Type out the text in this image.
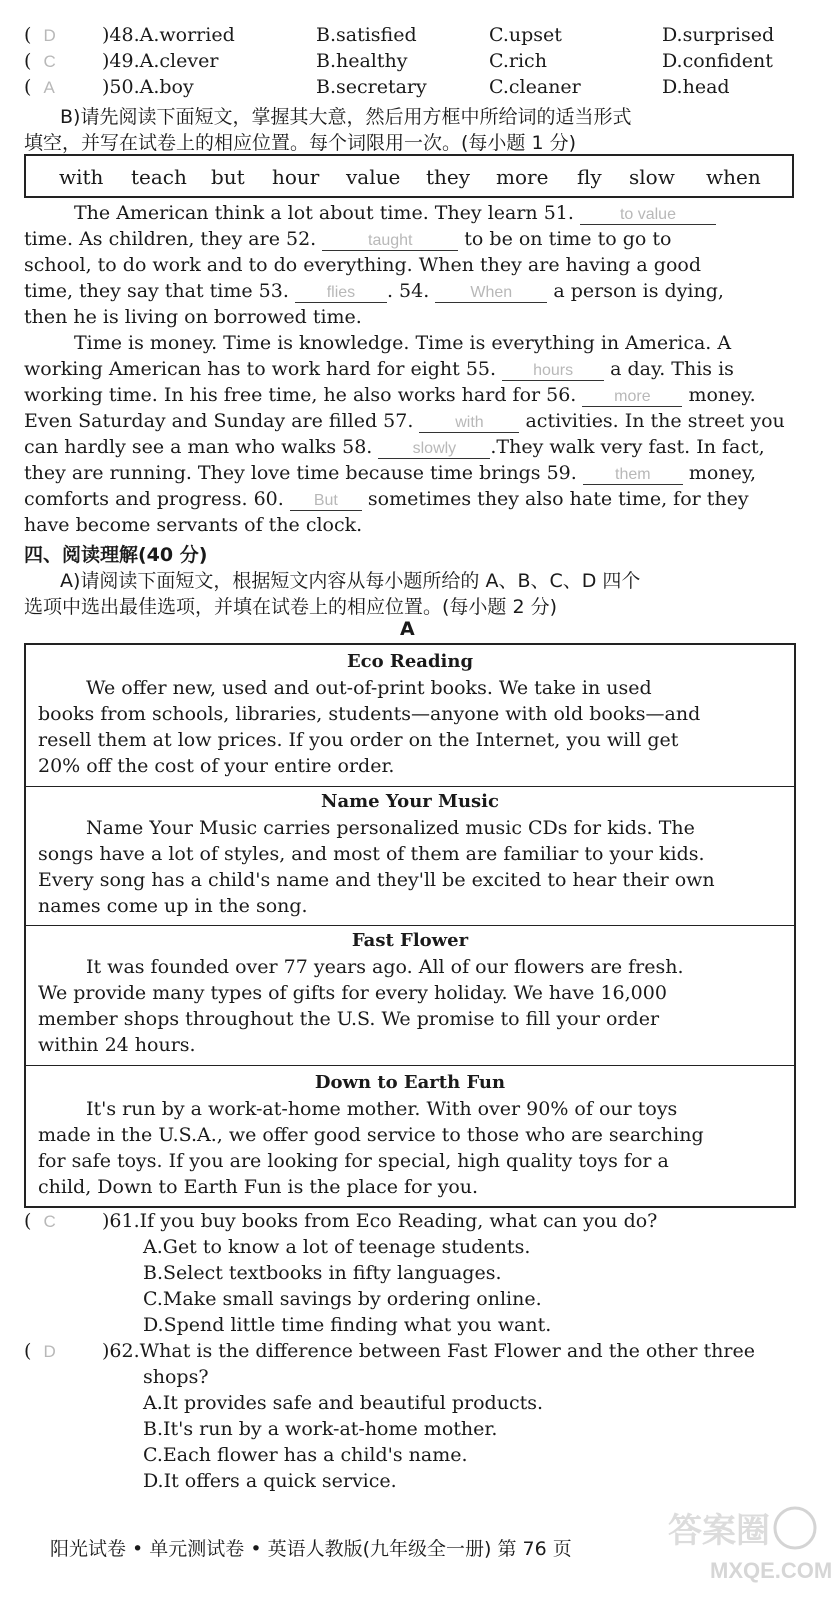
(  D	)48.A.worried	B.satisfied	C.upset	D.surprised
(  C	)49.A.clever	B.healthy	C.rich	D.confident
(  A	)50.A.boy	B.secretary	C.cleaner	D.head
B)请先阅读下面短文，掌握其大意，然后用方框中所给词的适当形式
填空，并写在试卷上的相应位置。每个词限用一次。(每小题 1 分)
with teach but hour value they more fly slow when
The American think a lot about time. They learn 51.	to value
time. As children, they are 52.	taught	to be on time to go to
school, to do work and to do everything. When they are having a good
time, they say that time 53. flies . 54.	When a person is dying,
then he is living on borrowed time.
Time is money. Time is knowledge. Time is everything in America. A
working American has to work hard for eight 55. hours a day. This is
working time. In his free time, he also works hard for 56. more money.
Even Saturday and Sunday are filled 57.	with activities. In the street you
can hardly see a man who walks 58.	slowly .They walk very fast. In fact,
they are running. They love time because time brings 59. them money,
comforts and progress. 60. But sometimes they also hate time, for they
have become servants of the clock.
四、阅读理解(40 分)
A)请阅读下面短文，根据短文内容从每小题所给的 A、B、C、D 四个
选项中选出最佳选项，并填在试卷上的相应位置。(每小题 2 分)
A
Eco Reading
We offer new, used and out-of-print books. We take in used
books from schools, libraries, students—anyone with old books—and
resell them at low prices. If you order on the Internet, you will get
20% off the cost of your entire order.
Name Your Music
Name Your Music carries personalized music CDs for kids. The
songs have a lot of styles, and most of them are familiar to your kids.
Every song has a child's name and they'll be excited to hear their own
names come up in the song.
Fast Flower
It was founded over 77 years ago. All of our flowers are fresh.
We provide many types of gifts for every holiday. We have 16,000
member shops throughout the U.S. We promise to fill your order
within 24 hours.
Down to Earth Fun
It's run by a work-at-home mother. With over 90% of our toys
made in the U.S.A., we offer good service to those who are searching
for safe toys. If you are looking for special, high quality toys for a
child, Down to Earth Fun is the place for you.
(  C	)61.If you buy books from Eco Reading, what can you do?
A.Get to know a lot of teenage students.
B.Select textbooks in fifty languages.
C.Make small savings by ordering online.
D.Spend little time finding what you want.
(  D	)62.What is the difference between Fast Flower and the other three
shops?
A.It provides safe and beautiful products.
B.It's run by a work-at-home mother.
C.Each flower has a child's name.
D.It offers a quick service.
答案圈
MXQE.COM
阳光试卷 • 单元测试卷 • 英语人教版(九年级全一册) 第 76 页
